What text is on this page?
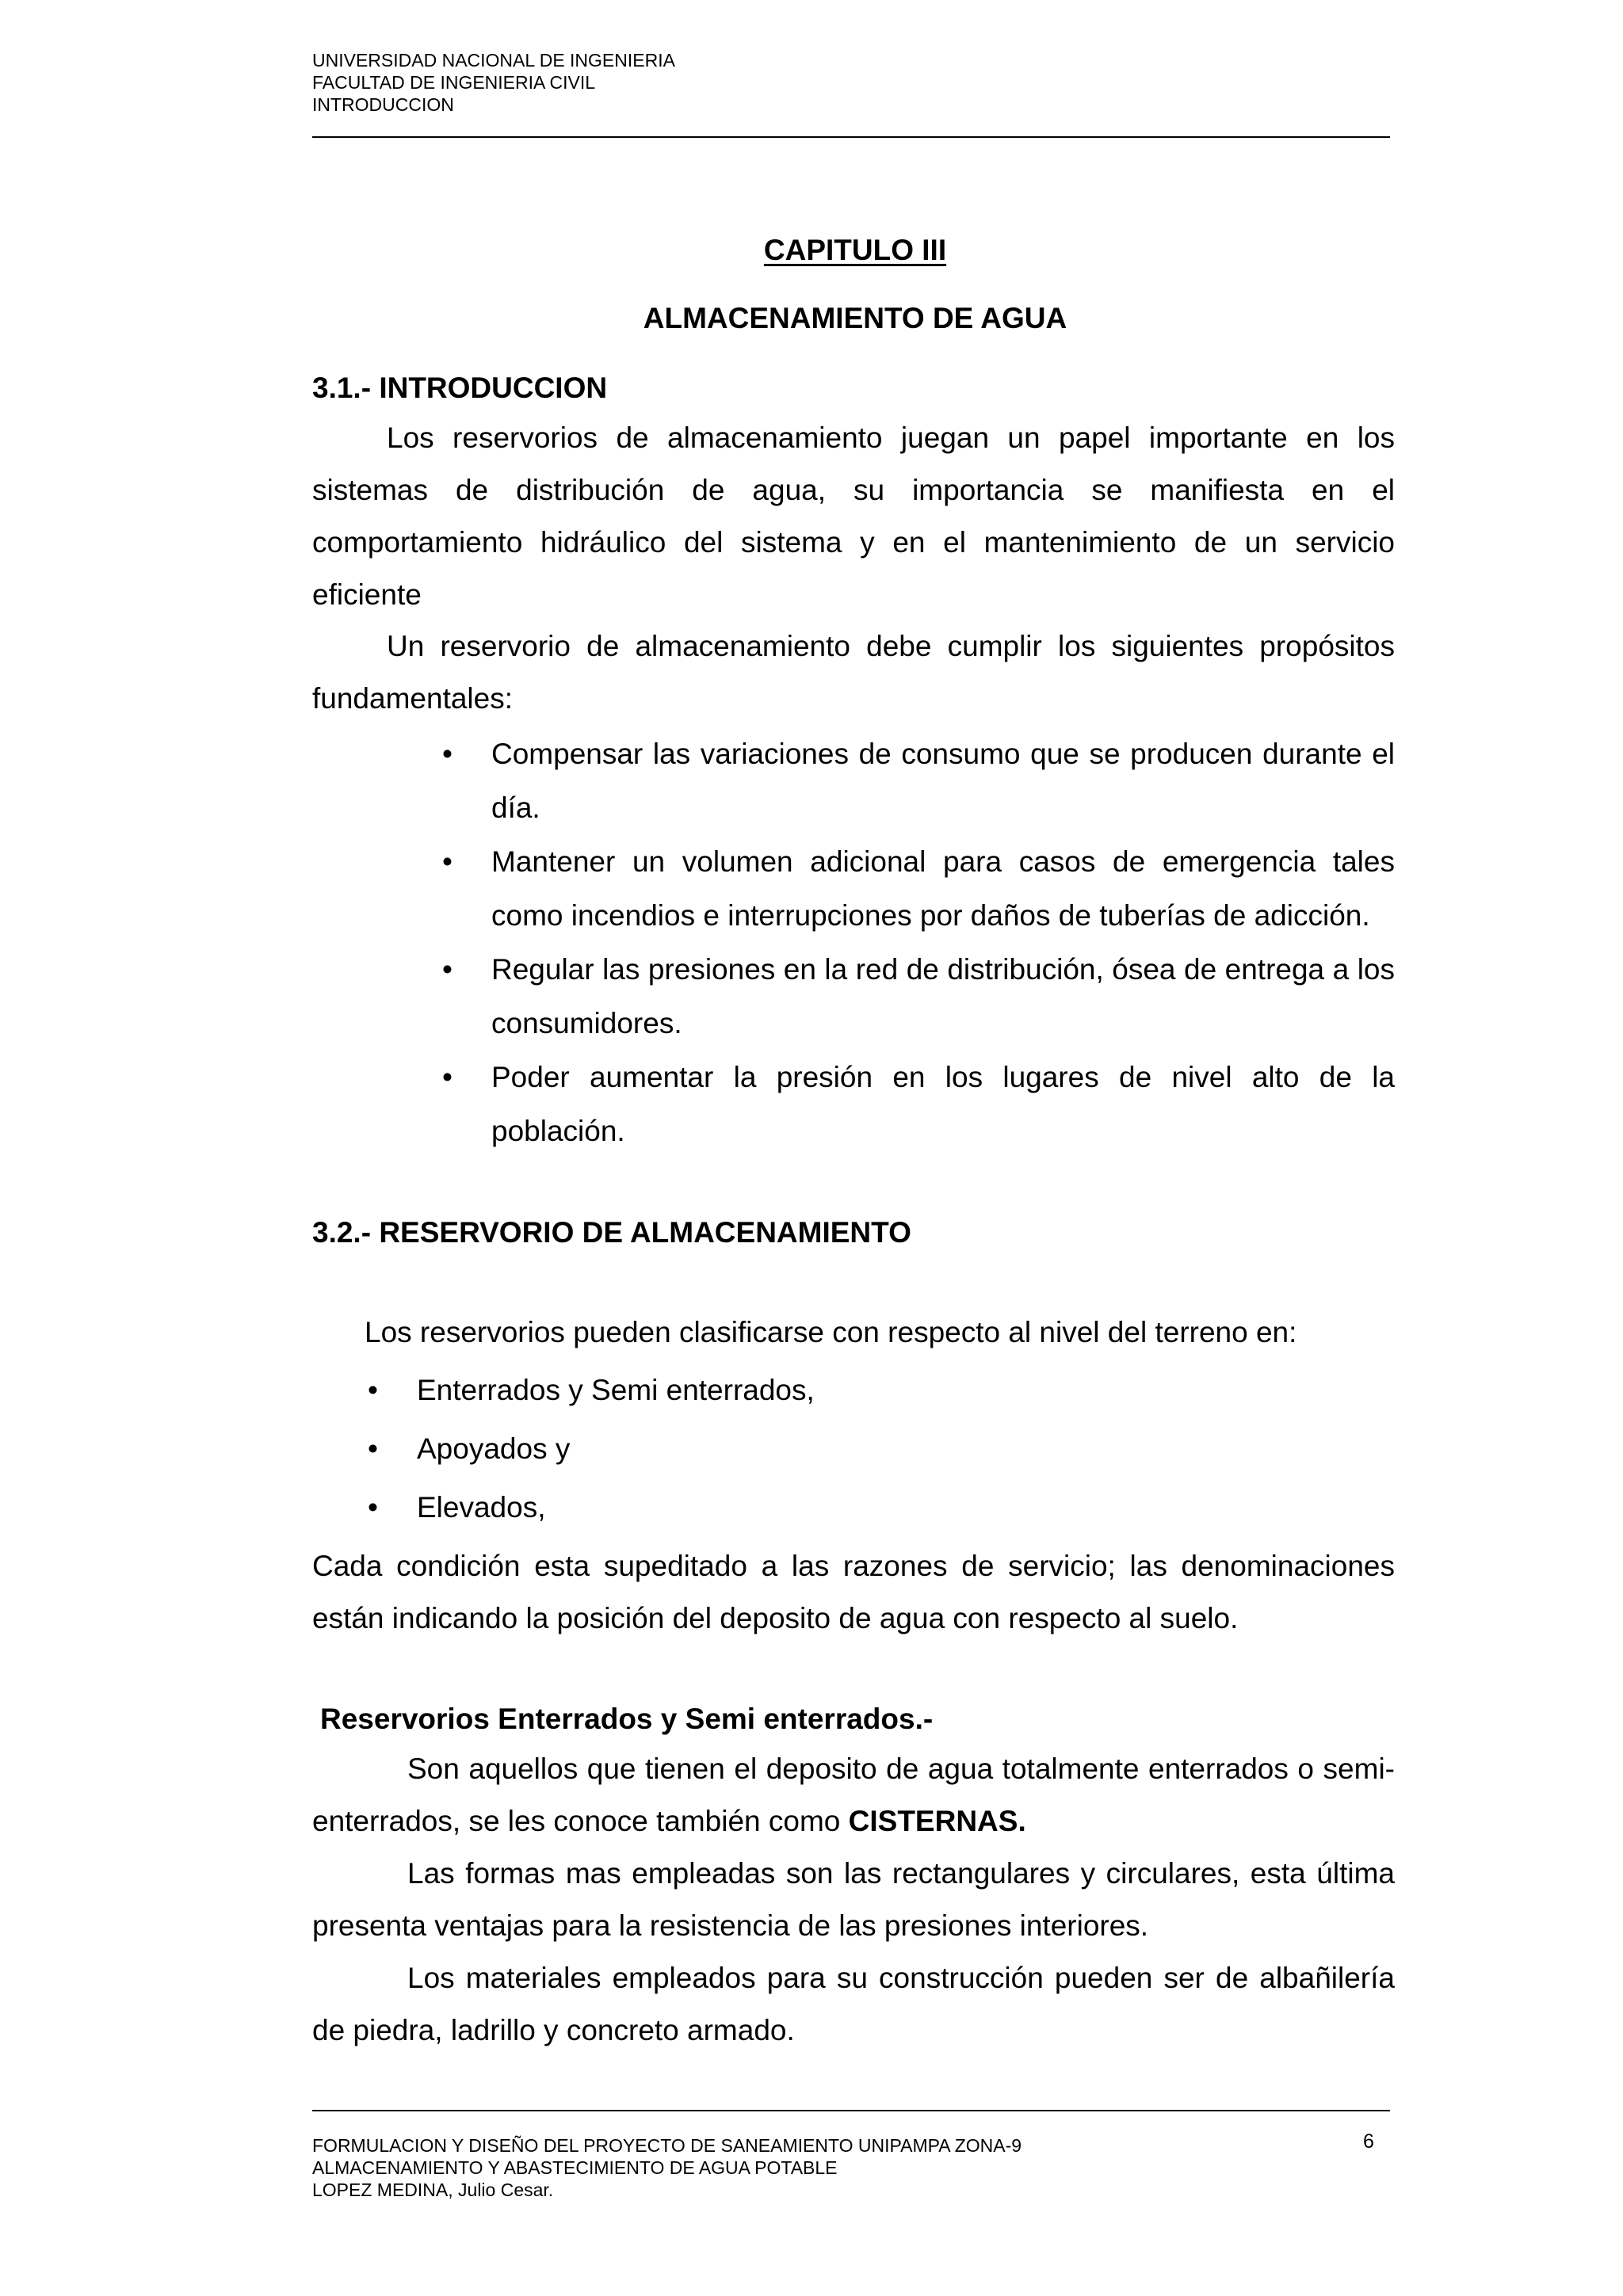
UNIVERSIDAD NACIONAL DE INGENIERIA
FACULTAD DE INGENIERIA CIVIL
INTRODUCCION
CAPITULO III
ALMACENAMIENTO DE AGUA
3.1.- INTRODUCCION
Los reservorios de almacenamiento juegan un papel importante en los sistemas de distribución de agua, su importancia se manifiesta en el comportamiento hidráulico del sistema y en el mantenimiento de un servicio eficiente
Un reservorio de almacenamiento debe cumplir los siguientes propósitos fundamentales:
• Compensar las variaciones de consumo que se producen durante el día.
• Mantener un volumen adicional para casos de emergencia tales como incendios e interrupciones por daños de tuberías de adicción.
• Regular las presiones en la red de distribución, ósea de entrega a los consumidores.
• Poder aumentar la presión en los lugares de nivel alto de la población.
3.2.- RESERVORIO DE ALMACENAMIENTO
Los reservorios pueden clasificarse con respecto al nivel del terreno en:
• Enterrados y Semi enterrados,
• Apoyados y
• Elevados,
Cada condición esta supeditado a las razones de servicio; las denominaciones están indicando la posición del deposito de agua con respecto al suelo.
Reservorios Enterrados y Semi enterrados.-
Son aquellos que tienen el deposito de agua totalmente enterrados o semi-enterrados, se les conoce también como CISTERNAS.
Las formas mas empleadas son las rectangulares y circulares, esta última presenta ventajas para la resistencia de las presiones interiores.
Los materiales empleados para su construcción pueden ser de albañilería de piedra, ladrillo y concreto armado.
FORMULACION Y DISEÑO DEL PROYECTO DE SANEAMIENTO UNIPAMPA ZONA-9
ALMACENAMIENTO Y ABASTECIMIENTO DE AGUA POTABLE
LOPEZ MEDINA, Julio Cesar.
6
